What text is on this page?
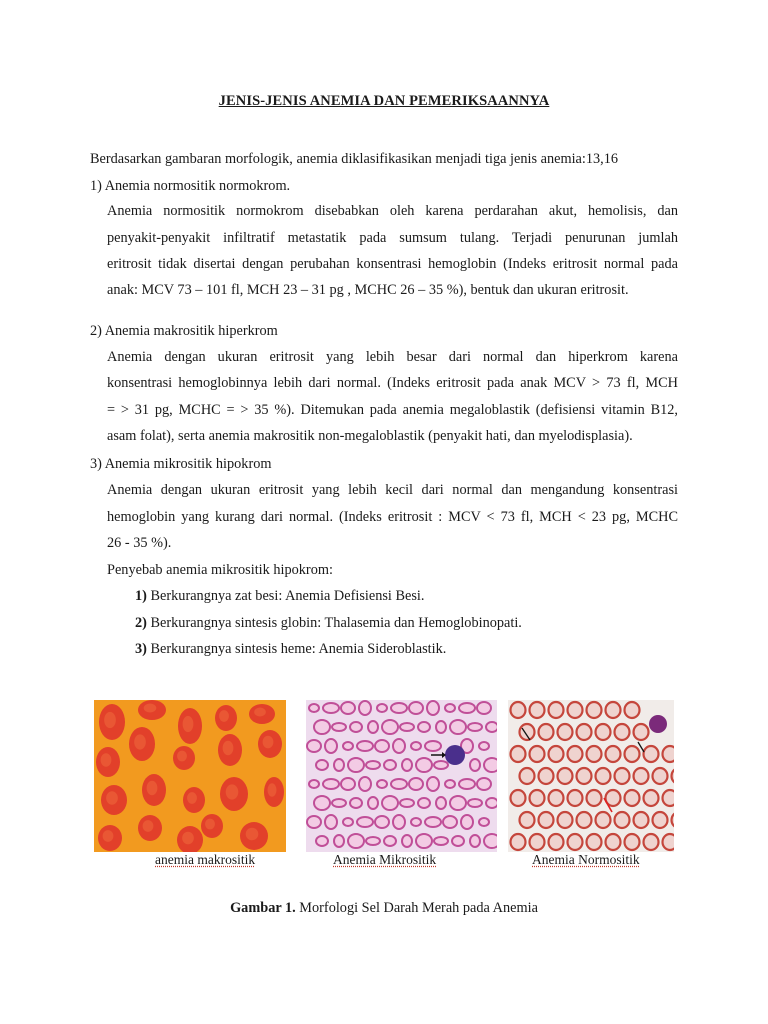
JENIS-JENIS ANEMIA DAN PEMERIKSAANNYA
Berdasarkan gambaran morfologik, anemia diklasifikasikan menjadi tiga jenis anemia:13,16
1) Anemia normositik normokrom.
Anemia normositik normokrom disebabkan oleh karena perdarahan akut, hemolisis, dan
penyakit-penyakit infiltratif metastatik pada sumsum tulang. Terjadi penurunan jumlah
eritrosit tidak disertai dengan perubahan konsentrasi hemoglobin (Indeks eritrosit normal pada
anak: MCV 73 – 101 fl, MCH 23 – 31 pg , MCHC 26 – 35 %), bentuk dan ukuran eritrosit.
2) Anemia makrositik hiperkrom
Anemia dengan ukuran eritrosit yang lebih besar dari normal dan hiperkrom karena
konsentrasi hemoglobinnya lebih dari normal. (Indeks eritrosit pada anak MCV > 73 fl, MCH
= > 31 pg, MCHC = > 35 %). Ditemukan pada anemia megaloblastik (defisiensi vitamin B12,
asam folat), serta anemia makrositik non-megaloblastik (penyakit hati, dan myelodisplasia).
3) Anemia mikrositik hipokrom
Anemia dengan ukuran eritrosit yang lebih kecil dari normal dan mengandung konsentrasi
hemoglobin yang kurang dari normal. (Indeks eritrosit : MCV < 73 fl, MCH < 23 pg, MCHC
26 - 35 %).
Penyebab anemia mikrositik hipokrom:
1) Berkurangnya zat besi: Anemia Defisiensi Besi.
2) Berkurangnya sintesis globin: Thalasemia dan Hemoglobinopati.
3) Berkurangnya sintesis heme: Anemia Sideroblastik.
anemia makrositik	Anemia Mikrositik	Anemia Normositik
Gambar 1. Morfologi Sel Darah Merah pada Anemia
